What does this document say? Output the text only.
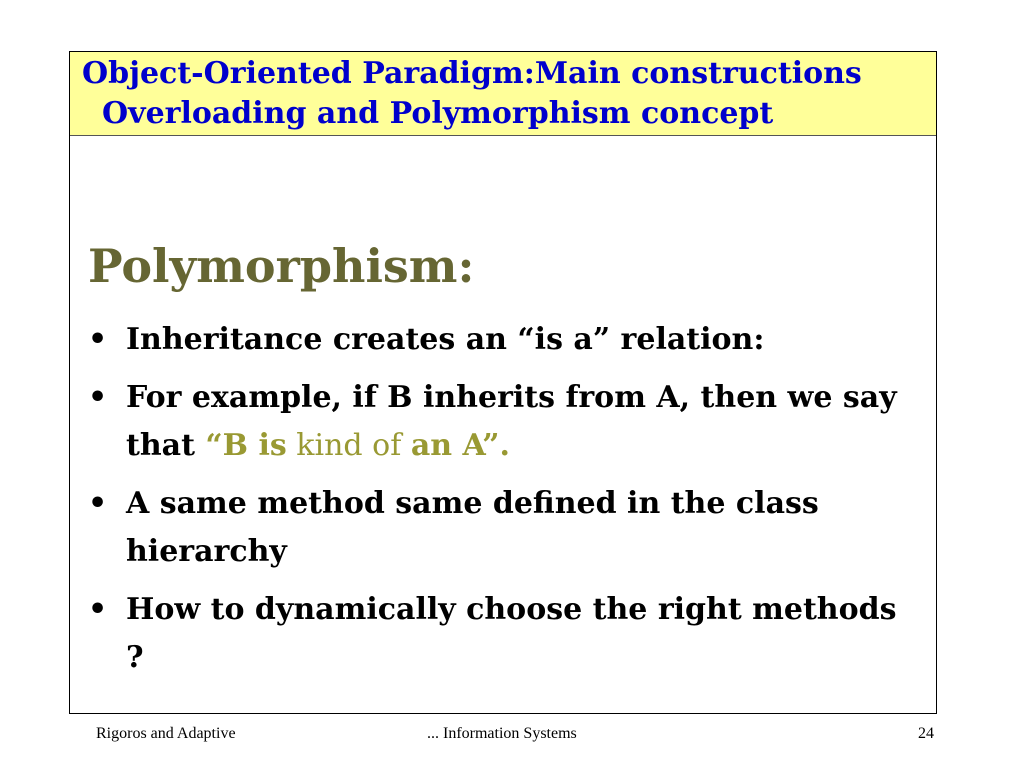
Object-Oriented Paradigm:Main constructions
Overloading and Polymorphism concept
Polymorphism:
• Inheritance creates an “is a” relation:
• For example, if B inherits from A, then we say that “B is kind of an A”.
• A same method same defined in the class hierarchy
• How to dynamically choose the right methods ?
Rigoros and Adaptive	... Information Systems	24
